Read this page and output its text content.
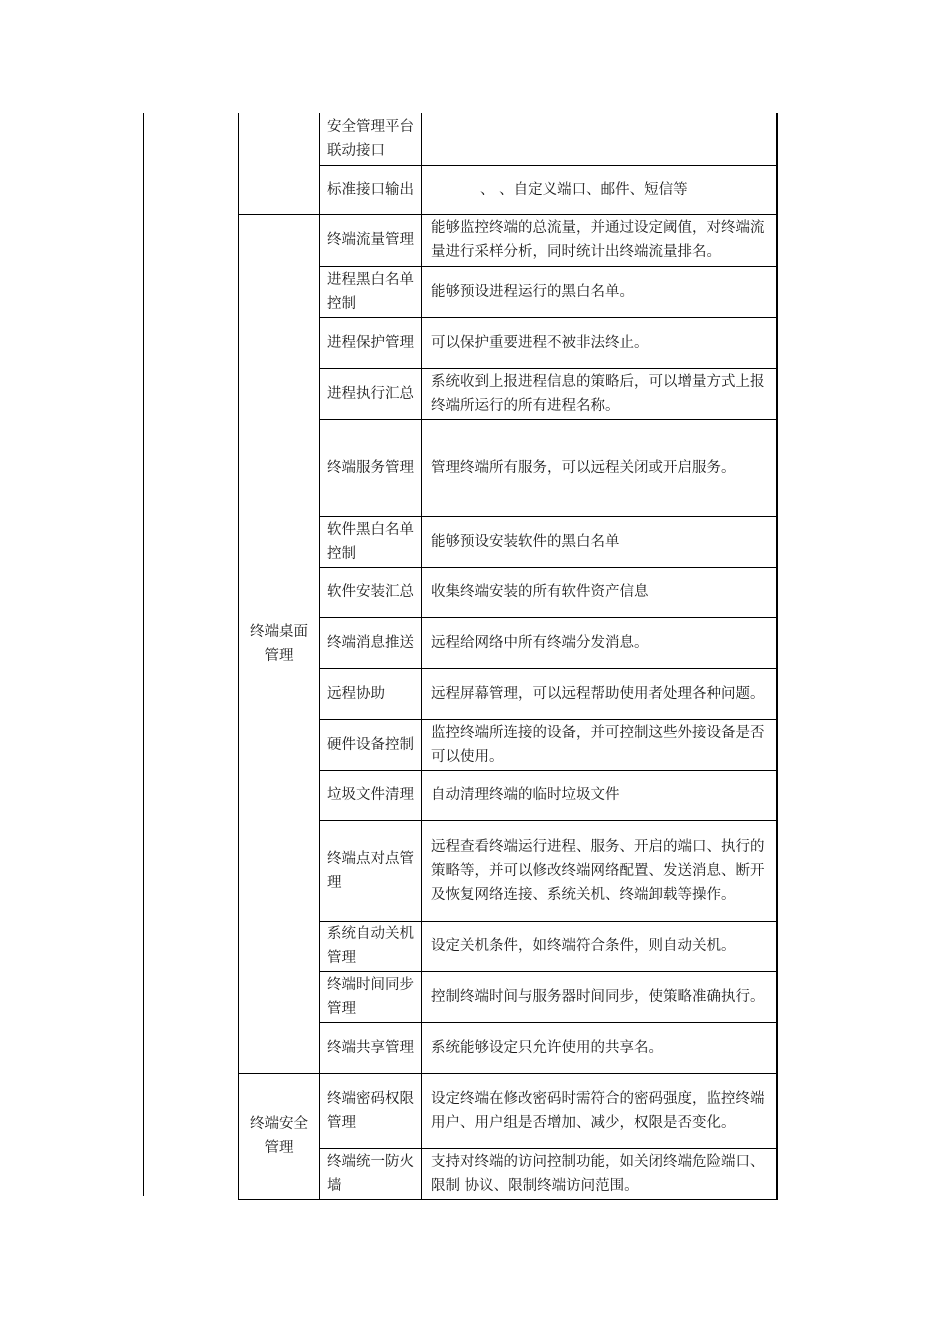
	安全管理平台联动接口	
	标准接口输出	、 、自定义端口、邮件、短信等
终端桌面管理	终端流量管理	能够监控终端的总流量，并通过设定阈值，对终端流量进行采样分析，同时统计出终端流量排名。
	进程黑白名单控制	能够预设进程运行的黑白名单。
	进程保护管理	可以保护重要进程不被非法终止。
	进程执行汇总	系统收到上报进程信息的策略后，可以增量方式上报终端所运行的所有进程名称。
	终端服务管理	管理终端所有服务，可以远程关闭或开启服务。
	软件黑白名单控制	能够预设安装软件的黑白名单
	软件安装汇总	收集终端安装的所有软件资产信息
	终端消息推送	远程给网络中所有终端分发消息。
	远程协助	远程屏幕管理，可以远程帮助使用者处理各种问题。
	硬件设备控制	监控终端所连接的设备，并可控制这些外接设备是否可以使用。
	垃圾文件清理	自动清理终端的临时垃圾文件
	终端点对点管理	远程查看终端运行进程、服务、开启的端口、执行的策略等，并可以修改终端网络配置、发送消息、断开及恢复网络连接、系统关机、终端卸载等操作。
	系统自动关机管理	设定关机条件，如终端符合条件，则自动关机。
	终端时间同步管理	控制终端时间与服务器时间同步，使策略准确执行。
	终端共享管理	系统能够设定只允许使用的共享名。
终端安全管理	终端密码权限管理	设定终端在修改密码时需符合的密码强度，监控终端用户、用户组是否增加、减少，权限是否变化。
	终端统一防火墙	支持对终端的访问控制功能，如关闭终端危险端口、限制 协议、限制终端访问范围。
